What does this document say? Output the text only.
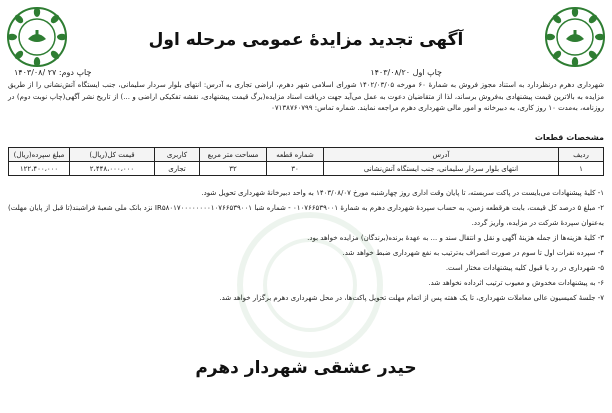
آگهی تجدید مزایدهٔ عمومی مرحله اول
چاپ اول ۱۴۰۳/۰۸/۲۰
چاپ دوم: ۲۷ /۱۴۰۳/۰۸
شهرداری دهرم درنظردارد به استناد مجوز فروش به شمارهٔ ۶۰ مورخه ۱۴۰۲/۰۳/۰۵ شورای اسلامی شهر دهرم، اراضی تجاری به آدرس: انتهای بلوار سردار سلیمانی، جنب ایستگاه آتش‌نشانی را از طریق مزایده به بالاترین قیمت پیشنهادی به‌فروش برساند، لذا از متقاضیان دعوت به عمل می‌آید جهت دریافت اسناد مزایده(برگ قیمت پیشنهادی، نقشه تفکیکی اراضی و ...) از تاریخ نشر آگهی(چاپ نوبت دوم) در روزنامه، به‌مدت ۱۰ روز کاری، به دبیرخانه و امور مالی شهرداری دهرم مراجعه نمایند. شماره تماس: ۰۷۱۳۸۷۶۰۷۹۹
مشخصات قطعات
ردیف	آدرس	شماره قطعه	مساحت متر مربع	کاربری	قیمت کل(ریال)	مبلغ سپرده(ریال)
۱	انتهای بلوار سردار سلیمانی، جنب ایستگاه آتش‌نشانی	۳۰	۳۲	تجاری	۲،۴۴۸،۰۰۰،۰۰۰	۱۲۲،۴۰۰،۰۰۰

۱- کلیهٔ پیشنهادات می‌بایست در پاکت سربسته، تا پایان وقت اداری روز چهارشنبه مورخ ۱۴۰۳/۰۸/۰۷ به واحد دبیرخانهٔ شهرداری تحویل شود.

۲- مبلغ ۵ درصد کل قیمت، بابت هرقطعه زمین، به حساب سپردهٔ شهرداری دهرم به شمارهٔ ۰۱۰۷۶۶۵۳۹۰۰۱ - شماره شبا IR۵۸۰۱۷۰۰۰۰۰۰۰۰۱۰۷۶۶۵۳۹۰۰۱ نزد بانک ملی شعبهٔ فراشبند(تا قبل از پایان مهلت) به‌عنوان سپردهٔ شرکت در مزایده، واریز گردد.

۳- کلیهٔ هزینه‌ها از جمله هزینهٔ آگهی و نقل و انتقال سند و ... به عهدهٔ برنده(برندگان) مزایده خواهد بود.

۴- سپرده نفرات اول تا سوم در صورت انصراف به‌ترتیب به نفع شهرداری ضبط خواهد شد.

۵- شهرداری در رد یا قبول کلیه پیشنهادات مختار است.

۶- به پیشنهادات مخدوش و معیوب ترتیب اثرداده نخواهد شد.

۷- جلسهٔ کمیسیون عالی معاملات شهرداری، تا یک هفته پس از اتمام مهلت تحویل پاکت‌ها، در محل شهرداری دهرم برگزار خواهد شد.

حیدر عشقی شهردار دهرم
